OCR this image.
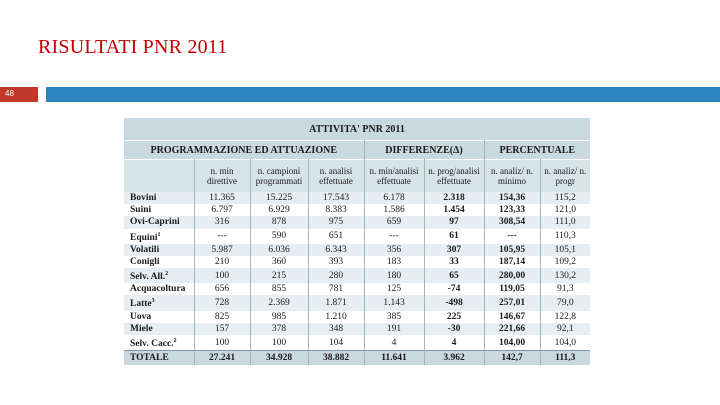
RISULTATI PNR 2011
48
ATTIVITA' PNR 2011							
PROGRAMMAZIONE ED ATTUAZIONE				DIFFERENZE(Δ)		PERCENTUALE	
	n. min direttive	n. campioni programmati	n. analisi effettuate	n. min/analisi effettuate	n. prog/analisi effettuate	n. analiz/ n. minimo	n. analiz/ n. progr
Bovini	11.365	15.225	17.543	6.178	2.318	154,36	115,2
Suini	6.797	6.929	8.383	1.586	1.454	123,33	121,0
Ovi-Caprini	316	878	975	659	97	308,54	111,0
Equini$^1$	---	590	651	---	61	---	110,3
Volatili	5.987	6.036	6.343	356	307	105,95	105,1
Conigli	210	360	393	183	33	187,14	109,2
Selv. All.$^2$	100	215	280	180	65	280,00	130,2
Acquacoltura	656	855	781	125	-74	119,05	91,3
Latte$^3$	728	2.369	1.871	1.143	-498	257,01	79,0
Uova	825	985	1.210	385	225	146,67	122,8
Miele	157	378	348	191	-30	221,66	92,1
Selv. Cacc.$^2$	100	100	104	4	4	104,00	104,0
TOTALE	27.241	34.928	38.882	11.641	3.962	142,7	111,3
